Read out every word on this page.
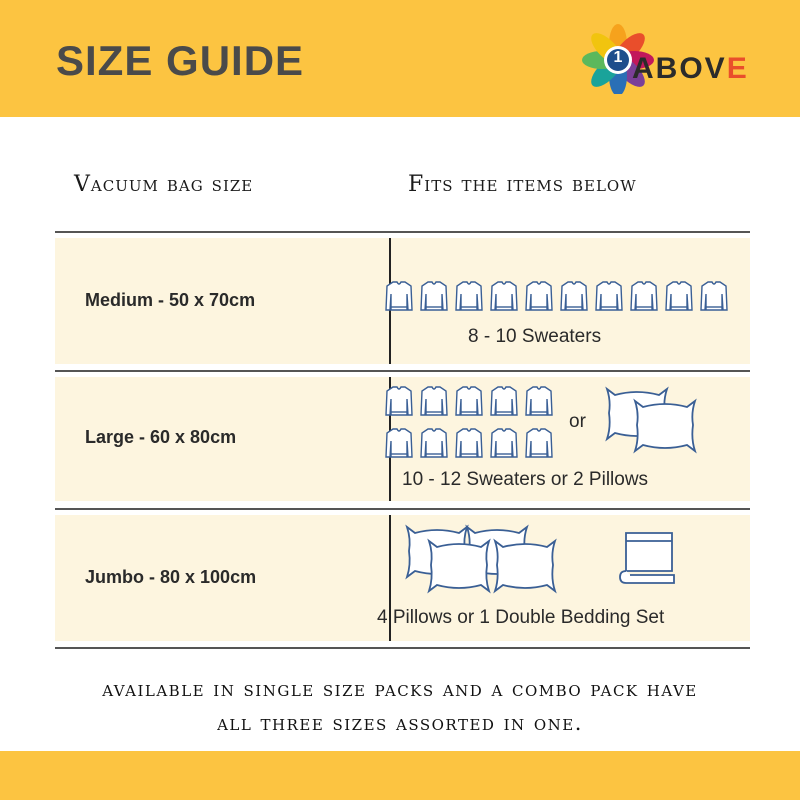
SIZE GUIDE	1 ABOVE
Vacuum bag size	Fits the items below
Medium - 50 x 70cm
8 - 10 Sweaters
Large - 60 x 80cm
or
10 - 12 Sweaters or 2 Pillows
Jumbo - 80 x 100cm
4 Pillows or 1 Double Bedding Set
available in single size packs and a combo pack have
all three sizes assorted in one.
